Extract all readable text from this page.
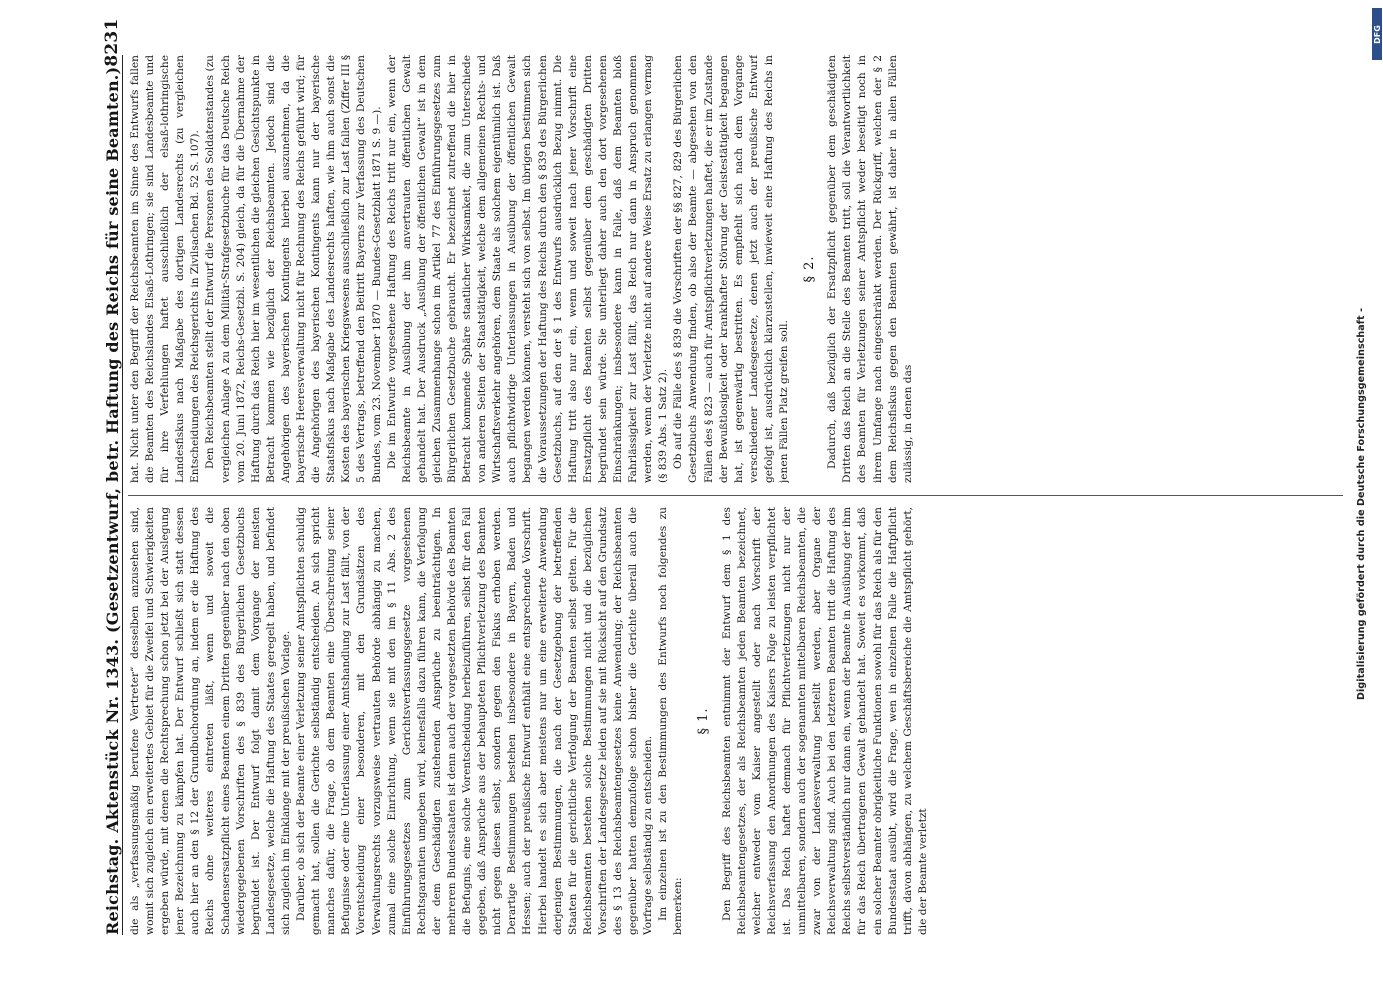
Reichstag. Aktenstück Nr. 1343. (Gesetzentwurf, betr. Haftung des Reichs für seine Beamten.)
8231

die als „verfassungsmäßig berufene Vertreter“ desselben anzusehen sind, womit sich zugleich ein erweitertes Gebiet für die Zweifel und Schwierigkeiten ergeben würde, mit denen die Rechtsprechung schon jetzt bei der Auslegung jener Bezeichnung zu kämpfen hat. Der Entwurf schließt sich statt dessen auch hier an den § 12 der Grundbuchordnung an, indem er die Haftung des Reichs ohne weiteres eintreten läßt, wenn und soweit die Schadensersatzpflicht eines Beamten einem Dritten gegenüber nach den oben wiedergegebenen Vorschriften des § 839 des Bürgerlichen Gesetzbuchs begründet ist. Der Entwurf folgt damit dem Vorgange der meisten Landesgesetze, welche die Haftung des Staates geregelt haben, und befindet sich zugleich im Einklange mit der preußischen Vorlage. Darüber, ob sich der Beamte einer Verletzung seiner Amtspflichten schuldig gemacht hat, sollen die Gerichte selbständig entscheiden. An sich spricht manches dafür, die Frage, ob dem Beamten eine Überschreitung seiner Befugnisse oder eine Unterlassung einer Amtshandlung zur Last fällt, von der Vorentscheidung einer besonderen, mit den Grundsätzen des Verwaltungsrechts vorzugsweise vertrauten Behörde abhängig zu machen, zumal eine solche Einrichtung, wenn sie mit den im § 11 Abs. 2 des Einführungsgesetzes zum Gerichtsverfassungsgesetze vorgesehenen Rechtsgarantien umgeben wird, keinesfalls dazu führen kann, die Verfolgung der dem Geschädigten zustehenden Ansprüche zu beeinträchtigen. In mehreren Bundesstaaten ist denn auch der vorgesetzten Behörde des Beamten die Befugnis, eine solche Vorentscheidung herbeizuführen, selbst für den Fall gegeben, daß Ansprüche aus der behaupteten Pflichtverletzung des Beamten nicht gegen diesen selbst, sondern gegen den Fiskus erhoben werden. Derartige Bestimmungen bestehen insbesondere in Bayern, Baden und Hessen; auch der preußische Entwurf enthält eine entsprechende Vorschrift. Hierbei handelt es sich aber meistens nur um eine erweiterte Anwendung derjenigen Bestimmungen, die nach der Gesetzgebung der betreffenden Staaten für die gerichtliche Verfolgung der Beamten selbst gelten. Für die Reichsbeamten bestehen solche Bestimmungen nicht und die bezüglichen Vorschriften der Landesgesetze leiden auf sie mit Rücksicht auf den Grundsatz des § 13 des Reichsbeamtengesetzes keine Anwendung; der Reichsbeamten gegenüber hatten demzufolge schon bisher die Gerichte überall auch die Vorfrage selbständig zu entscheiden. Im einzelnen ist zu den Bestimmungen des Entwurfs noch folgendes zu bemerken:

§ 1. Den Begriff des Reichsbeamten entnimmt der Entwurf dem § 1 des Reichsbeamtengesetzes, der als Reichsbeamten jeden Beamten bezeichnet, welcher entweder vom Kaiser angestellt oder nach Vorschrift der Reichsverfassung den Anordnungen des Kaisers Folge zu leisten verpflichtet ist. Das Reich haftet demnach für Pflichtverletzungen nicht nur der unmittelbaren, sondern auch der sogenannten mittelbaren Reichsbeamten, die zwar von der Landesverwaltung bestellt werden, aber Organe der Reichsverwaltung sind. Auch bei den letzteren Beamten tritt die Haftung des Reichs selbstverständlich nur dann ein, wenn der Beamte in Ausübung der ihm für das Reich übertragenen Gewalt gehandelt hat. Soweit es vorkommt, daß ein solcher Beamter obrigkeitliche Funktionen sowohl für das Reich als für den Bundesstaat ausübt, wird die Frage, wen in einzelnen Falle die Haftpflicht trifft, davon abhängen, zu welchem Geschäftsbereiche die Amtspflicht gehört, die der Beamte verletzt

hat. Nicht unter den Begriff der Reichsbeamten im Sinne des Entwurfs fallen die Beamten des Reichslandes Elsaß-Lothringen; sie sind Landesbeamte und für ihre Verfehlungen haftet ausschließlich der elsaß-lothringische Landesfiskus nach Maßgabe des dortigen Landesrechts (zu vergleichen Entscheidungen des Reichsgerichts in Zivilsachen Bd. 52 S. 107). Den Reichsbeamten stellt der Entwurf die Personen des Soldatenstandes (zu vergleichen Anlage A zu dem Militär-Strafgesetzbuche für das Deutsche Reich vom 20. Juni 1872, Reichs-Gesetzbl. S. 204) gleich, da für die Übernahme der Haftung durch das Reich hier im wesentlichen die gleichen Gesichtspunkte in Betracht kommen wie bezüglich der Reichsbeamten. Jedoch sind die Angehörigen des bayerischen Kontingents hierbei auszunehmen, da die bayerische Heeresverwaltung nicht für Rechnung des Reichs geführt wird; für die Angehörigen des bayerischen Kontingents kann nur der bayerische Staatsfiskus nach Maßgabe des Landesrechts haften, wie ihm auch sonst die Kosten des bayerischen Kriegswesens ausschließlich zur Last fallen (Ziffer III § 5 des Vertrags, betreffend den Beitritt Bayerns zur Verfassung des Deutschen Bundes, vom 23. November 1870 — Bundes-Gesetzblatt 1871 S. 9 —). Die im Entwurfe vorgesehene Haftung des Reichs tritt nur ein, wenn der Reichsbeamte in Ausübung der ihm anvertrauten öffentlichen Gewalt gehandelt hat. Der Ausdruck „Ausübung der öffentlichen Gewalt“ ist in dem gleichen Zusammenhange schon im Artikel 77 des Einführungsgesetzes zum Bürgerlichen Gesetzbuche gebraucht. Er bezeichnet zutreffend die hier in Betracht kommende Sphäre staatlicher Wirksamkeit, die zum Unterschiede von anderen Seiten der Staatstätigkeit, welche dem allgemeinen Rechts- und Wirtschaftsverkehr angehören, dem Staate als solchem eigentümlich ist. Daß auch pflichtwidrige Unterlassungen in Ausübung der öffentlichen Gewalt begangen werden können, versteht sich von selbst. Im übrigen bestimmen sich die Voraussetzungen der Haftung des Reichs durch den § 839 des Bürgerlichen Gesetzbuchs, auf den der § 1 des Entwurfs ausdrücklich Bezug nimmt. Die Haftung tritt also nur ein, wenn und soweit nach jener Vorschrift eine Ersatzpflicht des Beamten selbst gegenüber dem geschädigten Dritten begründet sein würde. Sie unterliegt daher auch den dort vorgesehenen Einschränkungen; insbesondere kann in Falle, daß dem Beamten bloß Fahrlässigkeit zur Last fällt, das Reich nur dann in Anspruch genommen werden, wenn der Verletzte nicht auf andere Weise Ersatz zu erlangen vermag (§ 839 Abs. 1 Satz 2). Ob auf die Fälle des § 839 die Vorschriften der §§ 827, 829 des Bürgerlichen Gesetzbuchs Anwendung finden, ob also der Beamte — abgesehen von den Fällen des § 823 — auch für Amtspflichtverletzungen haftet, die er im Zustande der Bewußtlosigkeit oder krankhafter Störung der Geistestätigkeit begangen hat, ist gegenwärtig bestritten. Es empfiehlt sich nach dem Vorgange verschiedener Landesgesetze, denen jetzt auch der preußische Entwurf gefolgt ist, ausdrücklich klarzustellen, inwieweit eine Haftung des Reichs in jenen Fällen Platz greifen soll.

§ 2. Dadurch, daß bezüglich der Ersatzpflicht gegenüber dem geschädigten Dritten das Reich an die Stelle des Beamten tritt, soll die Verantwortlichkeit des Beamten für Verletzungen seiner Amtspflicht weder beseitigt noch in ihrem Umfange nach eingeschränkt werden. Der Rückgriff, welchen der § 2 dem Reichsfiskus gegen den Beamten gewährt, ist daher in allen Fällen zulässig, in denen das	Digitalisierung gefördert durch die Deutsche Forschungsgemeinschaft -
DFG
